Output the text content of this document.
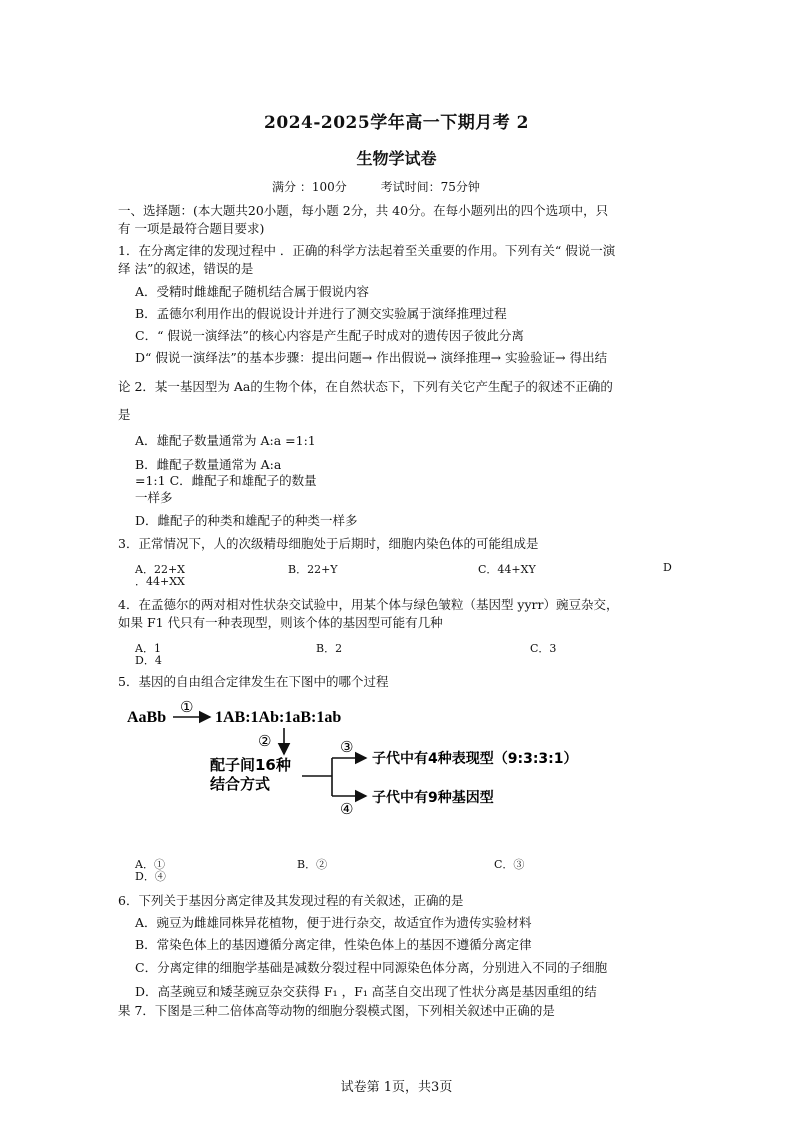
2024-2025学年高一下期月考 2
生物学试卷
满分 ：100分	考试时间：75分钟
一、选择题：(本大题共20小题，每小题 2分，共 40分。在每小题列出的四个选项中，只
有 一项是最符合题目要求)
1．在分离定律的发现过程中 ．正确的科学方法起着至关重要的作用。下列有关“ 假说一演
绎 法”的叙述，错误的是
A．受精时雌雄配子随机结合属于假说内容
B．孟德尔利用作出的假说设计并进行了测交实验属于演绎推理过程
C．“ 假说一演绎法”的核心内容是产生配子时成对的遗传因子彼此分离
D“ 假说一演绎法”的基本步骤：提出问题→ 作出假说→ 演绎推理→ 实验验证→ 得出结
论 2．某一基因型为 Aa的生物个体，在自然状态下，下列有关它产生配子的叙述不正确的
是
A．雄配子数量通常为 A:a =1:1
B．雌配子数量通常为 A:a
=1:1 C．雌配子和雄配子的数量
一样多
D．雌配子的种类和雄配子的种类一样多
3．正常情况下，人的次级精母细胞处于后期时，细胞内染色体的可能组成是
A．22+X	B．22+Y	C．44+XY	D
．44+XX
4．在孟德尔的两对相对性状杂交试验中，用某个体与绿色皱粒（基因型 yyrr）豌豆杂交，
如果 F1 代只有一种表现型，则该个体的基因型可能有几种
A．1	B．2	C．3
D．4
5．基因的自由组合定律发生在下图中的哪个过程
AaBb
①
1AB:1Ab:1aB:1ab
②
配子间16种
结合方式
③
④
子代中有4种表现型（9:3:3:1）
子代中有9种基因型
A．①	B．②	C．③
D．④
6．下列关于基因分离定律及其发现过程的有关叙述，正确的是
A．豌豆为雌雄同株异花植物，便于进行杂交，故适宜作为遗传实验材料
B．常染色体上的基因遵循分离定律，性染色体上的基因不遵循分离定律
C．分离定律的细胞学基础是减数分裂过程中同源染色体分离，分别进入不同的子细胞
D．高茎豌豆和矮茎豌豆杂交获得 F₁ ，F₁ 高茎自交出现了性状分离是基因重组的结
果 7．下图是三种二倍体高等动物的细胞分裂模式图，下列相关叙述中正确的是
试卷第 1页，共3页
